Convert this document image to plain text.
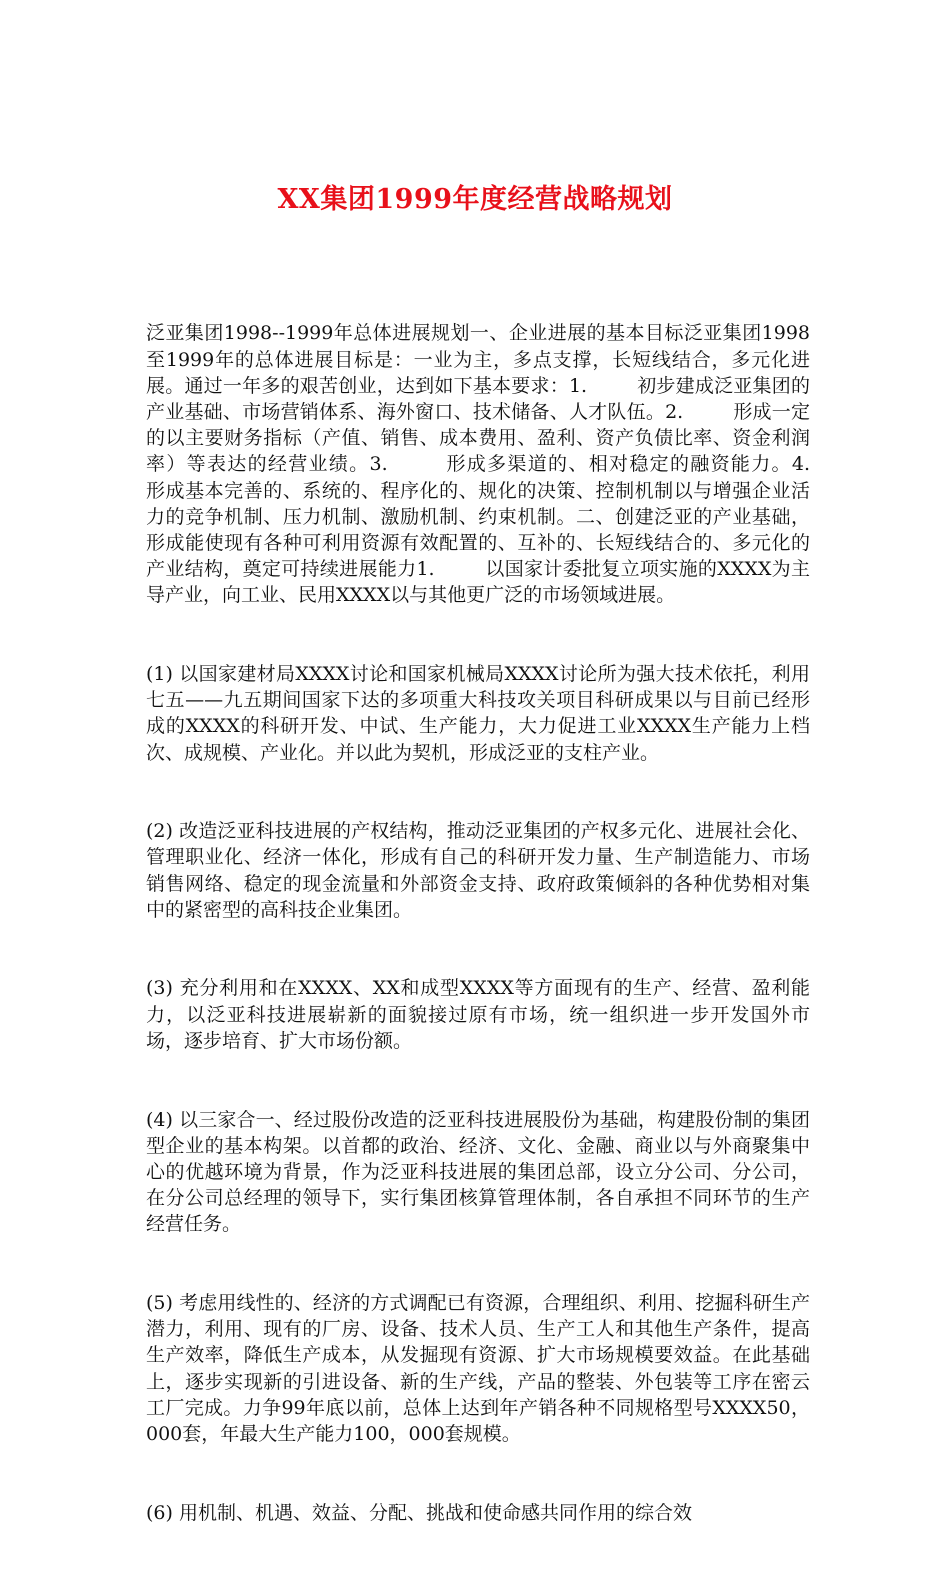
XX集团1999年度经营战略规划

泛亚集团1998--1999年总体进展规划一、企业进展的基本目标泛亚集团1998至1999年的总体进展目标是：一业为主，多点支撑，长短线结合，多元化进展。通过一年多的艰苦创业，达到如下基本要求：1.        初步建成泛亚集团的产业基础、市场营销体系、海外窗口、技术储备、人才队伍。2.        形成一定的以主要财务指标（产值、销售、成本费用、盈利、资产负债比率、资金利润率）等表达的经营业绩。3.        形成多渠道的、相对稳定的融资能力。4.        形成基本完善的、系统的、程序化的、规化的决策、控制机制以与增强企业活力的竞争机制、压力机制、激励机制、约束机制。二、创建泛亚的产业基础，形成能使现有各种可利用资源有效配置的、互补的、长短线结合的、多元化的产业结构，奠定可持续进展能力1.        以国家计委批复立项实施的XXXX为主导产业，向工业、民用XXXX以与其他更广泛的市场领域进展。

(1) 以国家建材局XXXX讨论和国家机械局XXXX讨论所为强大技术依托，利用七五——九五期间国家下达的多项重大科技攻关项目科研成果以与目前已经形成的XXXX的科研开发、中试、生产能力，大力促进工业XXXX生产能力上档次、成规模、产业化。并以此为契机，形成泛亚的支柱产业。

(2) 改造泛亚科技进展的产权结构，推动泛亚集团的产权多元化、进展社会化、管理职业化、经济一体化，形成有自己的科研开发力量、生产制造能力、市场销售网络、稳定的现金流量和外部资金支持、政府政策倾斜的各种优势相对集中的紧密型的高科技企业集团。

(3) 充分利用和在XXXX、XX和成型XXXX等方面现有的生产、经营、盈利能力，以泛亚科技进展崭新的面貌接过原有市场，统一组织进一步开发国外市场，逐步培育、扩大市场份额。

(4) 以三家合一、经过股份改造的泛亚科技进展股份为基础，构建股份制的集团型企业的基本构架。以首都的政治、经济、文化、金融、商业以与外商聚集中心的优越环境为背景，作为泛亚科技进展的集团总部，设立分公司、分公司，在分公司总经理的领导下，实行集团核算管理体制，各自承担不同环节的生产经营任务。

(5) 考虑用线性的、经济的方式调配已有资源，合理组织、利用、挖掘科研生产潜力，利用、现有的厂房、设备、技术人员、生产工人和其他生产条件，提高生产效率，降低生产成本，从发掘现有资源、扩大市场规模要效益。在此基础上，逐步实现新的引进设备、新的生产线，产品的整装、外包装等工序在密云工厂完成。力争99年底以前，总体上达到年产销各种不同规格型号XXXX50，000套，年最大生产能力100，000套规模。

(6) 用机制、机遇、效益、分配、挑战和使命感共同作用的综合效
